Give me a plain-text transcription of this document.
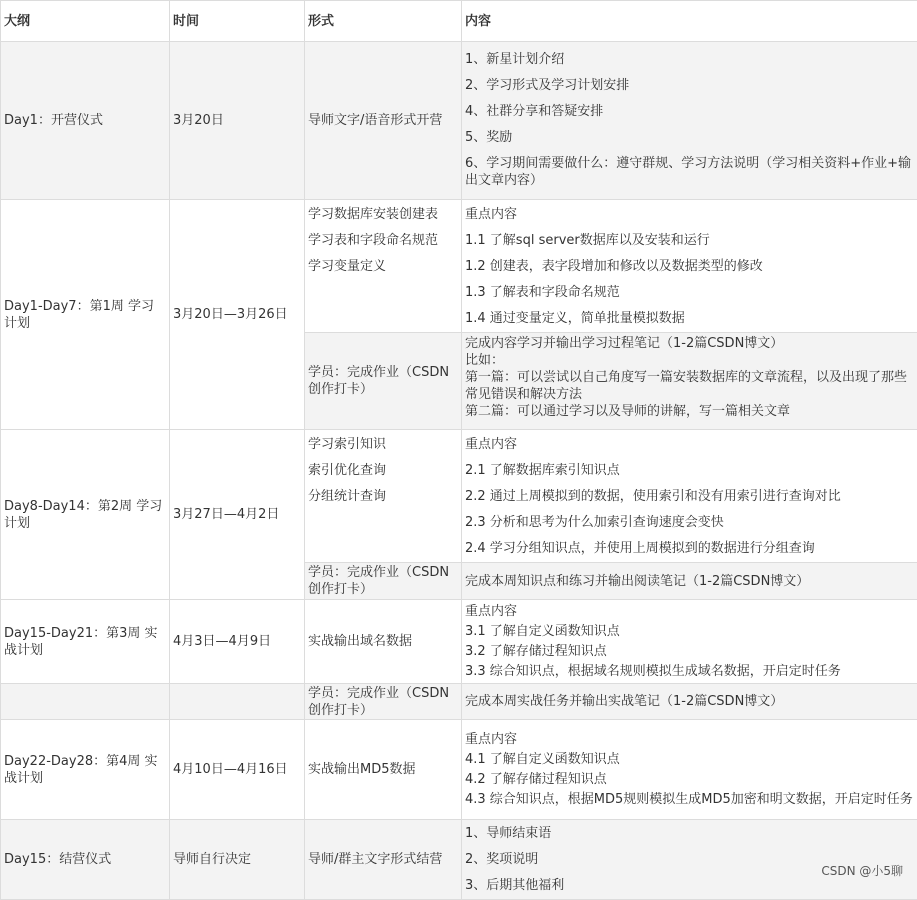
大纲	时间	形式	内容
Day1：开营仪式	3月20日	导师文字/语音形式开营	1、新星计划介绍
2、学习形式及学习计划安排
4、社群分享和答疑安排
5、奖励
6、学习期间需要做什么：遵守群规、学习方法说明（学习相关资料+作业+输出文章内容）

Day1-Day7：第1周 学习计划	3月20日—3月26日	学习数据库安装创建表
学习表和字段命名规范
学习变量定义	重点内容
1.1 了解sql server数据库以及安装和运行
1.2 创建表，表字段增加和修改以及数据类型的修改
1.3 了解表和字段命名规范
1.4 通过变量定义，简单批量模拟数据

		学员：完成作业（CSDN创作打卡）	完成内容学习并输出学习过程笔记（1-2篇CSDN博文）
比如：
第一篇：可以尝试以自己角度写一篇安装数据库的文章流程，以及出现了那些常见错误和解决方法
第二篇：可以通过学习以及导师的讲解，写一篇相关文章

Day8-Day14：第2周 学习计划	3月27日—4月2日	学习索引知识
索引优化查询
分组统计查询	重点内容
2.1 了解数据库索引知识点
2.2 通过上周模拟到的数据，使用索引和没有用索引进行查询对比
2.3 分析和思考为什么加索引查询速度会变快
2.4 学习分组知识点，并使用上周模拟到的数据进行分组查询

		学员：完成作业（CSDN创作打卡）	完成本周知识点和练习并输出阅读笔记（1-2篇CSDN博文）
Day15-Day21：第3周 实战计划	4月3日—4月9日	实战输出域名数据	重点内容
3.1 了解自定义函数知识点
3.2 了解存储过程知识点
3.3 综合知识点，根据域名规则模拟生成域名数据，开启定时任务

		学员：完成作业（CSDN创作打卡）	完成本周实战任务并输出实战笔记（1-2篇CSDN博文）
Day22-Day28：第4周 实战计划	4月10日—4月16日	实战输出MD5数据	重点内容
4.1 了解自定义函数知识点
4.2 了解存储过程知识点
4.3 综合知识点，根据MD5规则模拟生成MD5加密和明文数据，开启定时任务

Day15：结营仪式	导师自行决定	导师/群主文字形式结营	1、导师结束语
2、奖项说明
3、后期其他福利
CSDN @小5聊
